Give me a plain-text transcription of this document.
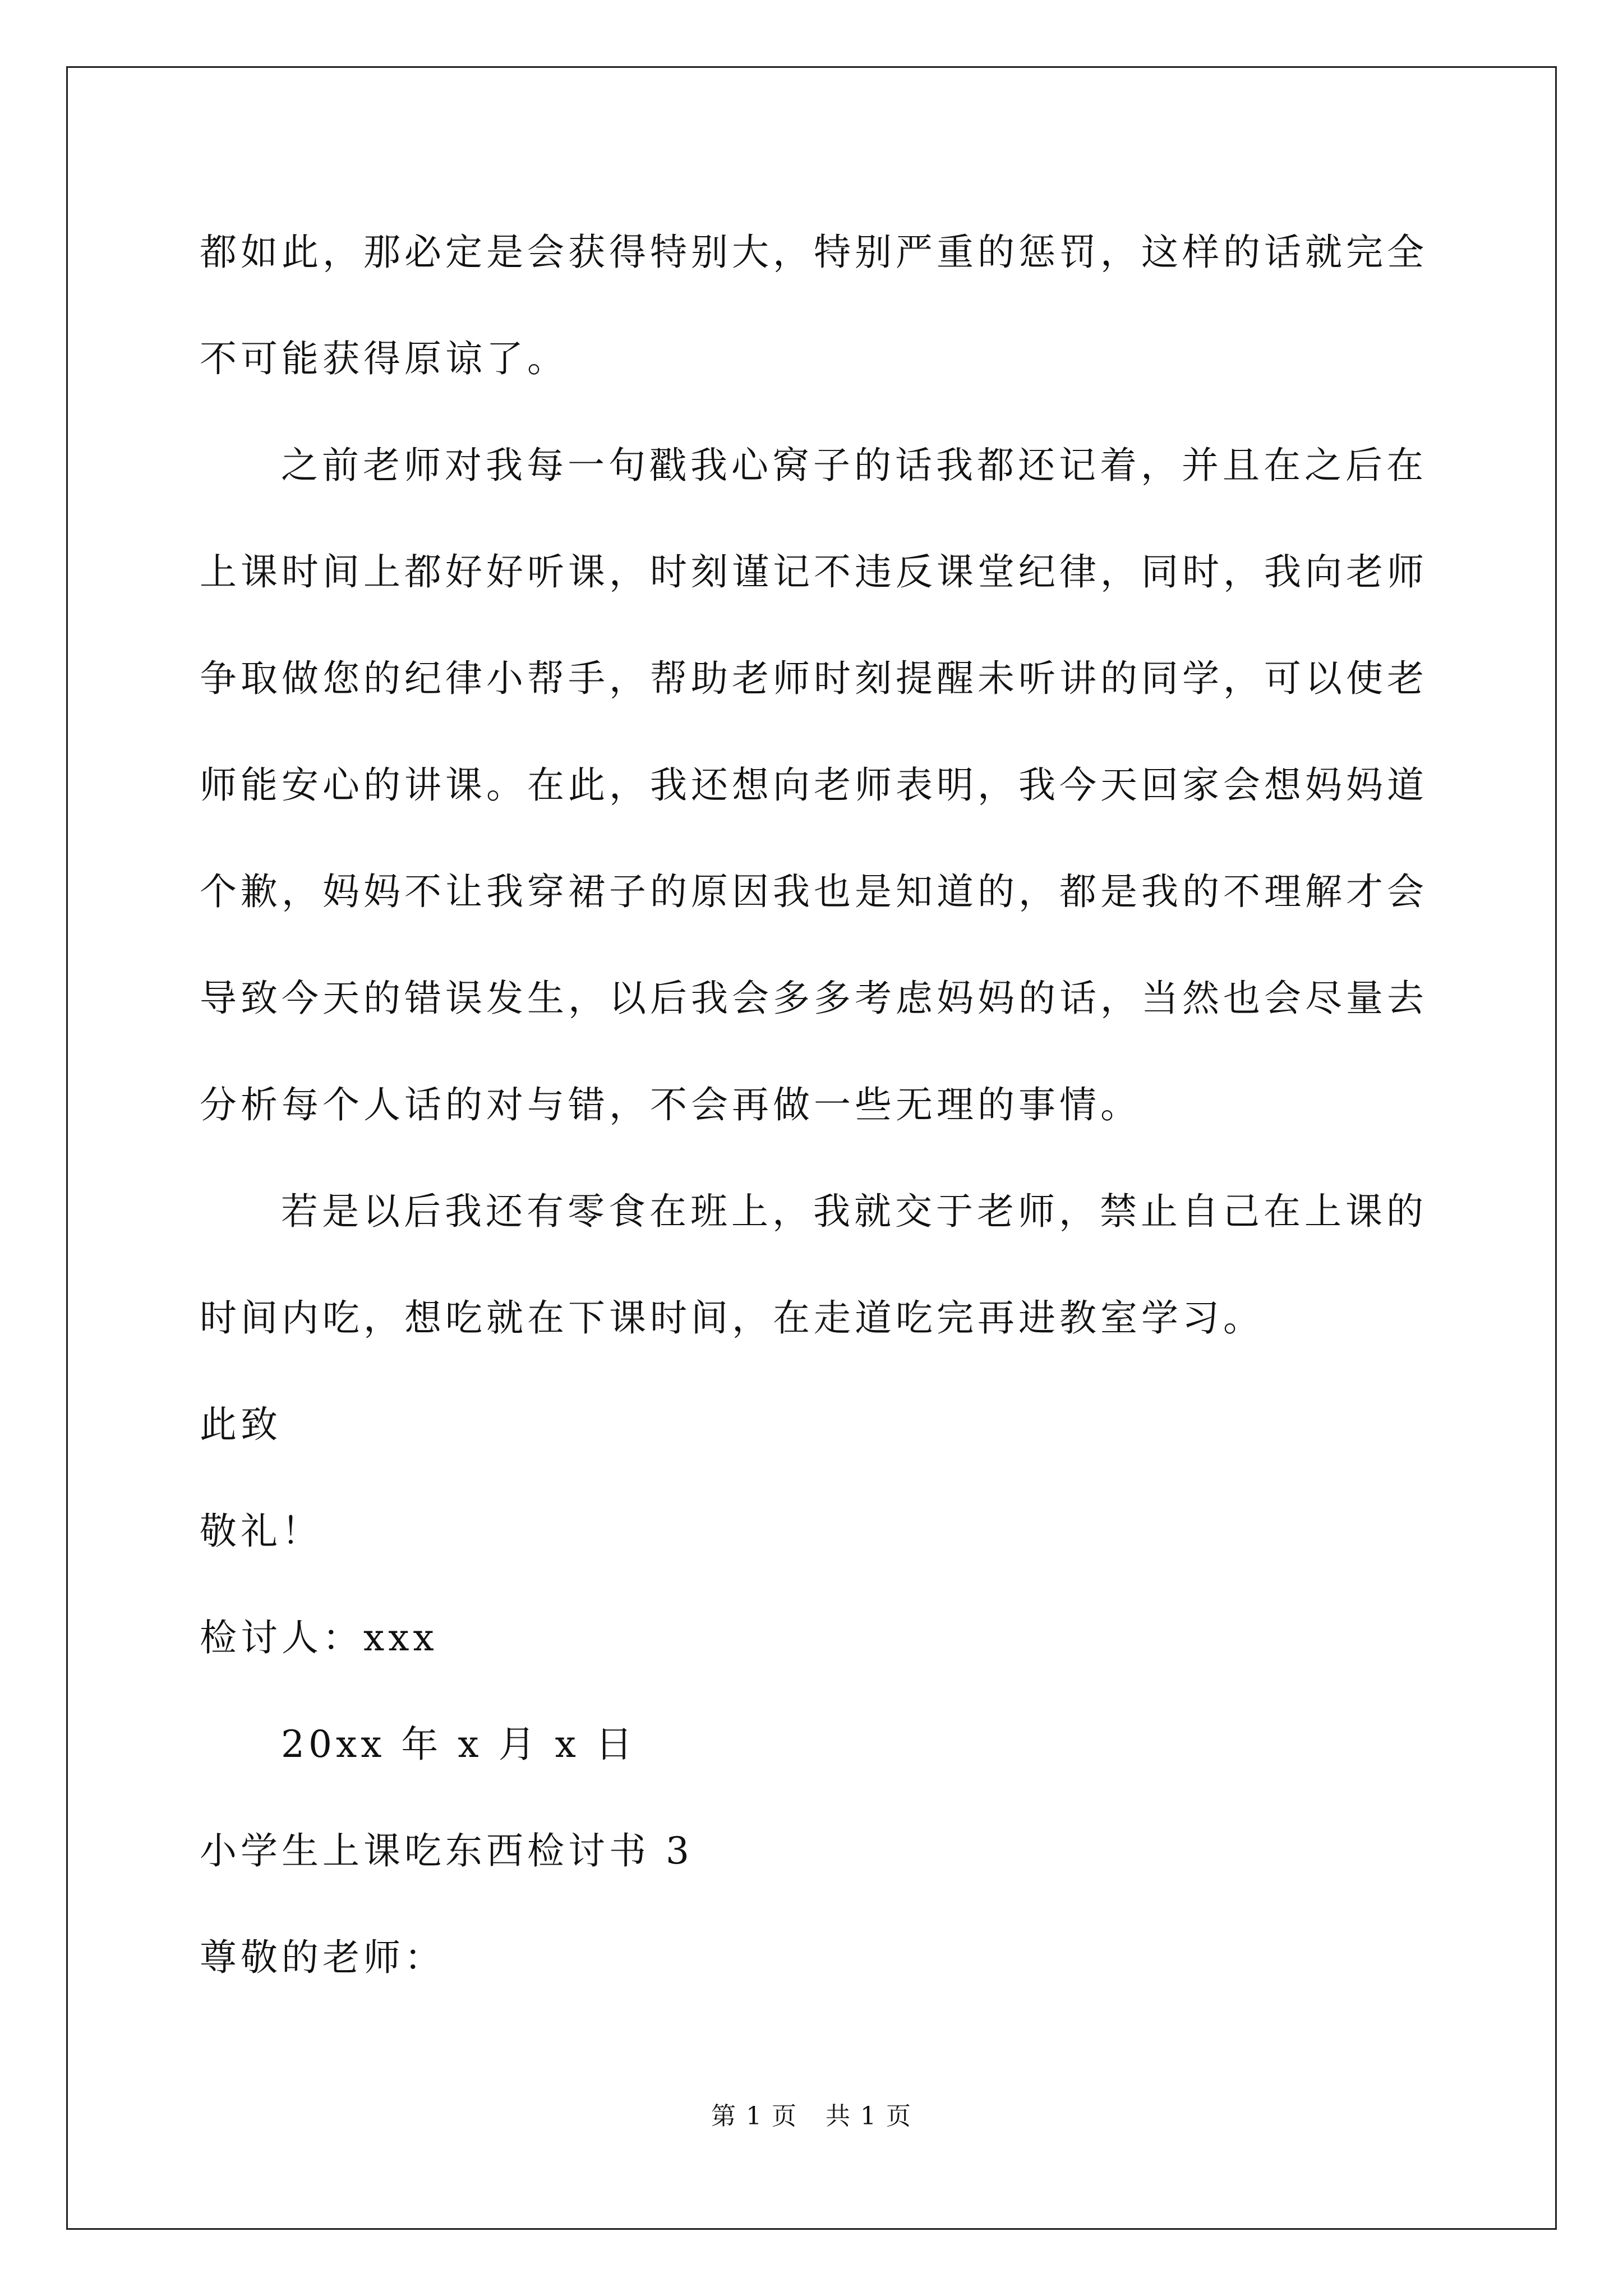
都如此，那必定是会获得特别大，特别严重的惩罚，这样的话就完全
不可能获得原谅了。
之前老师对我每一句戳我心窝子的话我都还记着，并且在之后在
上课时间上都好好听课，时刻谨记不违反课堂纪律，同时，我向老师
争取做您的纪律小帮手，帮助老师时刻提醒未听讲的同学，可以使老
师能安心的讲课。在此，我还想向老师表明，我今天回家会想妈妈道
个歉，妈妈不让我穿裙子的原因我也是知道的，都是我的不理解才会
导致今天的错误发生，以后我会多多考虑妈妈的话，当然也会尽量去
分析每个人话的对与错，不会再做一些无理的事情。
若是以后我还有零食在班上，我就交于老师，禁止自己在上课的
时间内吃，想吃就在下课时间，在走道吃完再进教室学习。
此致
敬礼！
检讨人：xxx
20xx 年 x 月 x 日
小学生上课吃东西检讨书 3
尊敬的老师：
第 1 页 共 1 页
